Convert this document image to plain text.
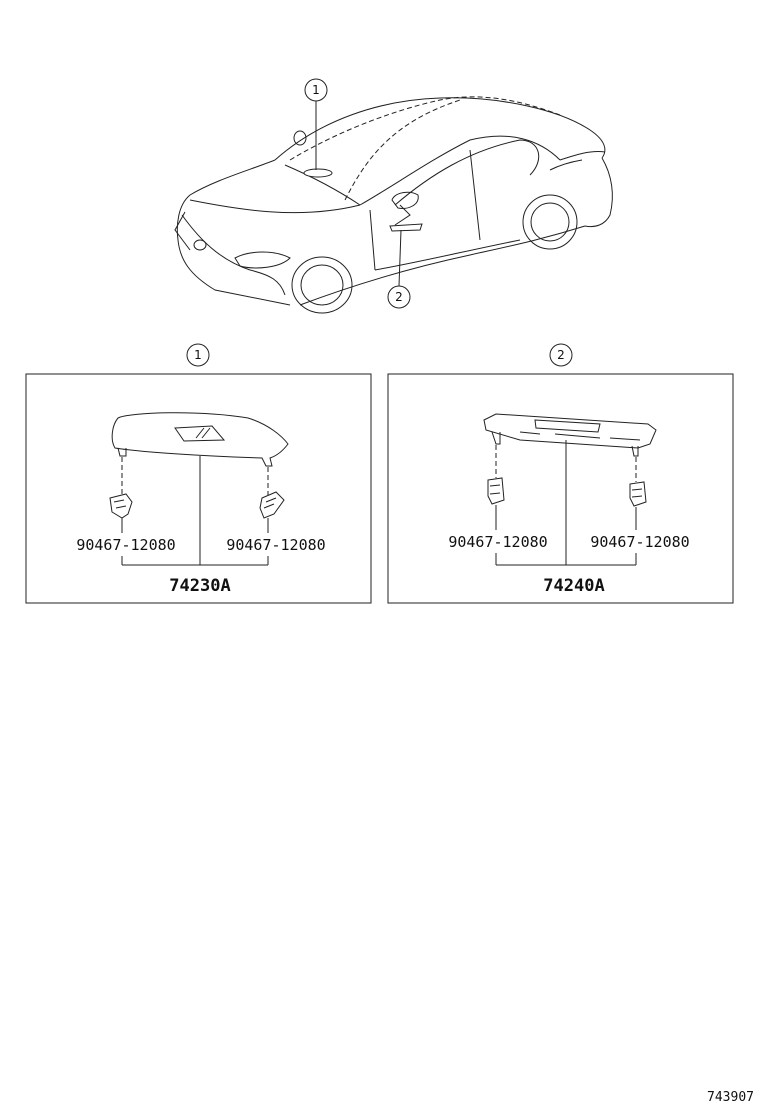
1
2
1
90467-12080	90467-12080
74230A
2
90467-12080	90467-12080
74240A
743907
